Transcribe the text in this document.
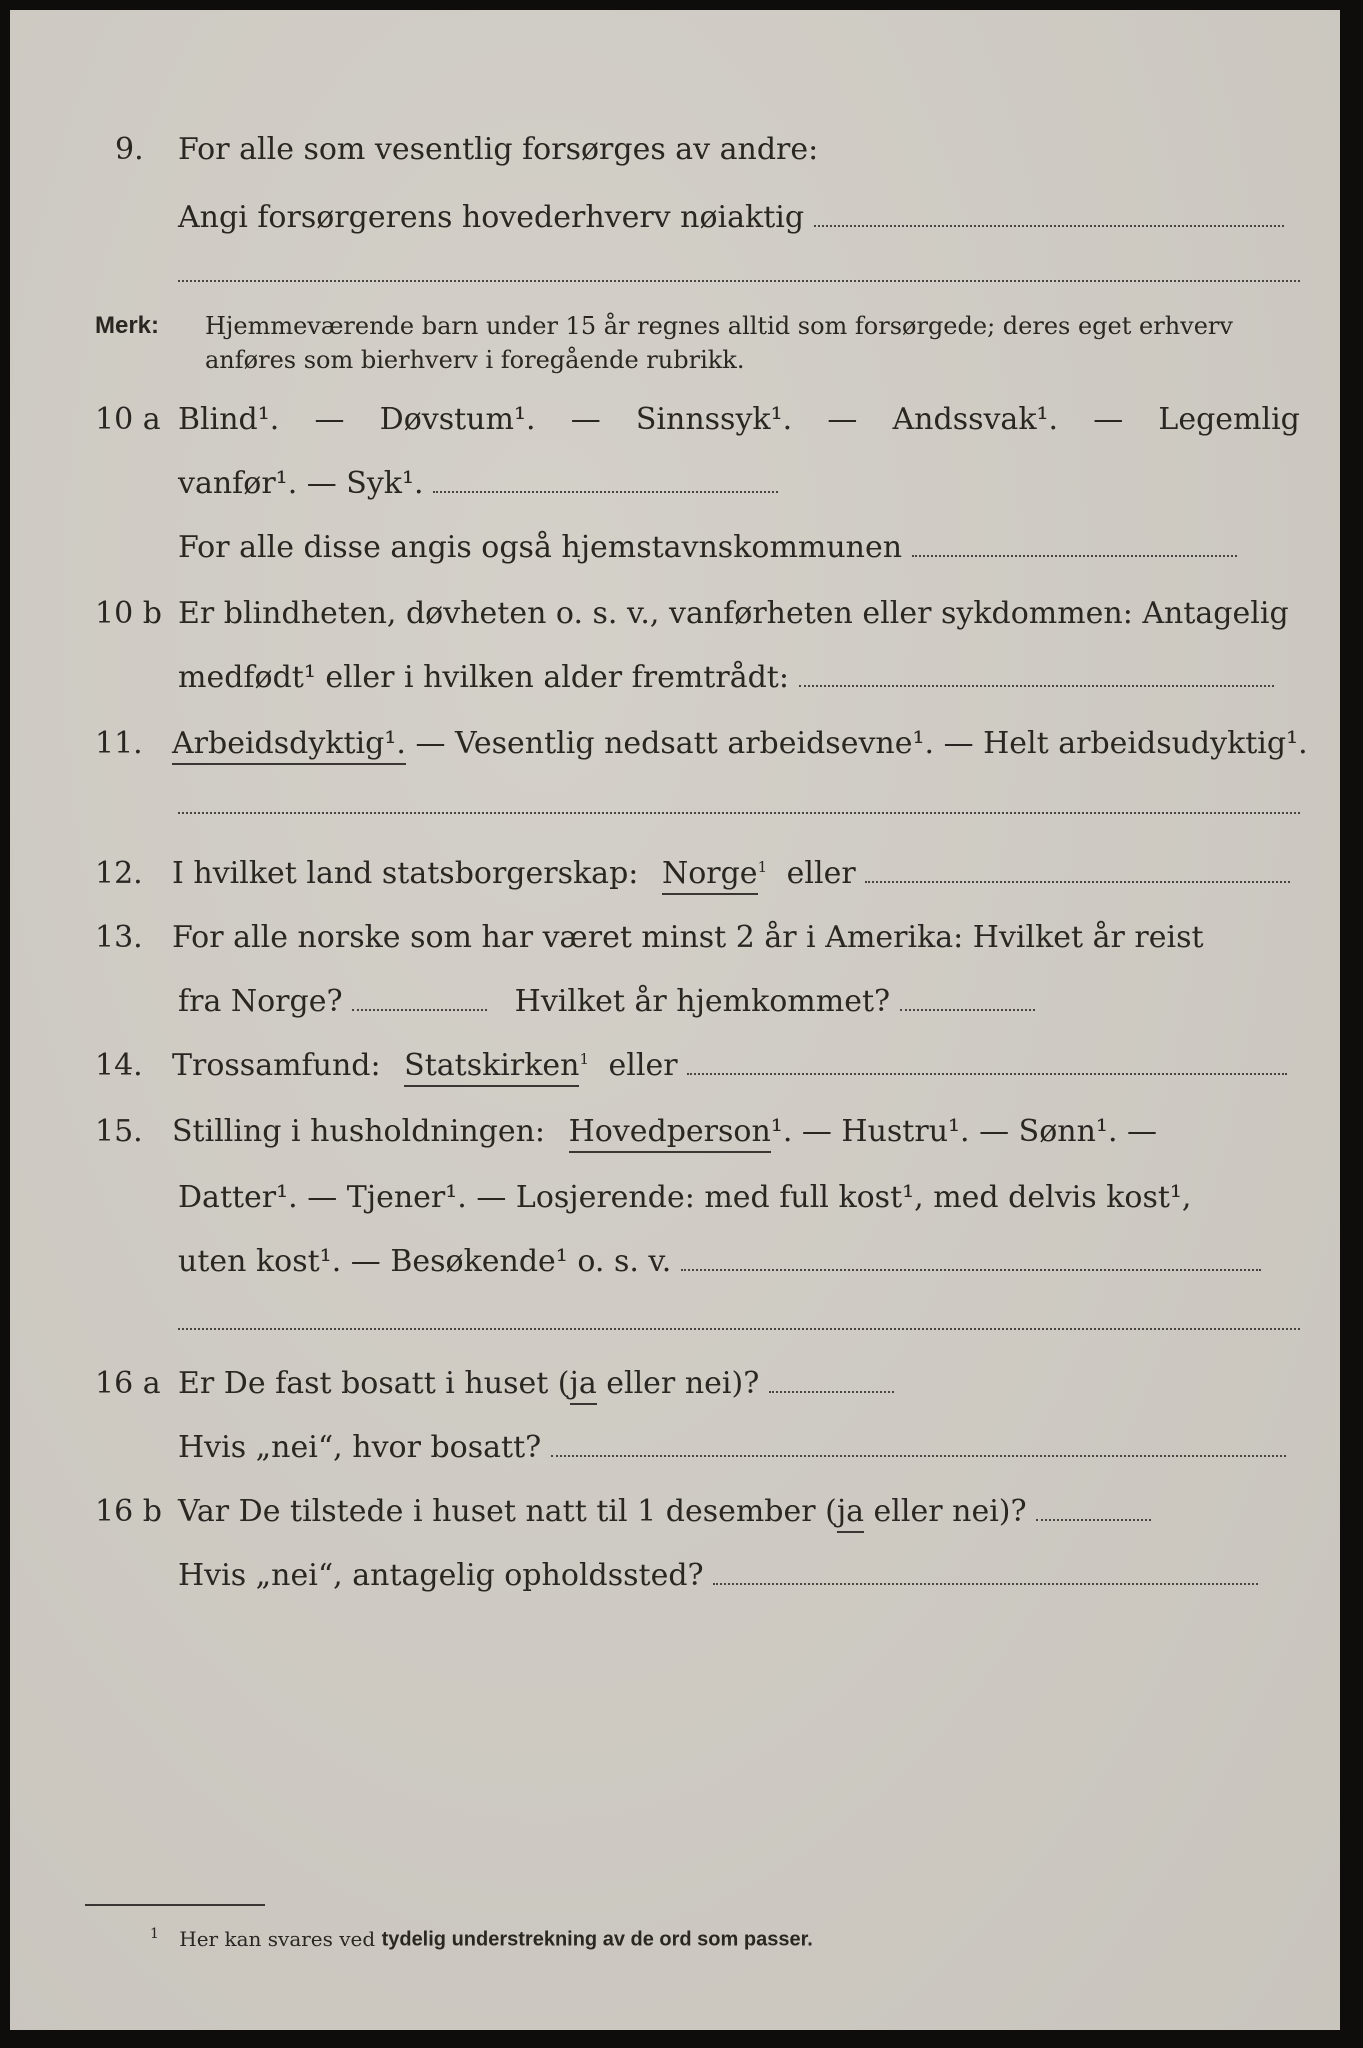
9. For alle som vesentlig forsørges av andre:
Angi forsørgerens hovederhverv nøiaktig
Merk: Hjemmeværende barn under 15 år regnes alltid som forsørgede; deres eget erhverv
anføres som bierhverv i foregående rubrikk.
10 a Blind¹. — Døvstum¹. — Sinnssyk¹. — Andssvak¹. — Legemlig
vanfør¹. — Syk¹.
For alle disse angis også hjemstavnskommunen
10 b Er blindheten, døvheten o. s. v., vanførheten eller sykdommen: Antagelig
medfødt¹ eller i hvilken alder fremtrådt:
11. Arbeidsdyktig¹. — Vesentlig nedsatt arbeidsevne¹. — Helt arbeidsudyktig¹.
12. I hvilket land statsborgerskap: Norge$^1$ eller
13. For alle norske som har været minst 2 år i Amerika: Hvilket år reist
fra Norge?	Hvilket år hjemkommet?
14. Trossamfund: Statskirken$^1$ eller
15. Stilling i husholdningen: Hovedperson¹. — Hustru¹. — Sønn¹. —
Datter¹. — Tjener¹. — Losjerende: med full kost¹, med delvis kost¹,
uten kost¹. — Besøkende¹ o. s. v.
16 a Er De fast bosatt i huset (ja eller nei)?
Hvis „nei“, hvor bosatt?
16 b Var De tilstede i huset natt til 1 desember (ja eller nei)?
Hvis „nei“, antagelig opholdssted?
$^1$ Her kan svares ved tydelig understrekning av de ord som passer.
